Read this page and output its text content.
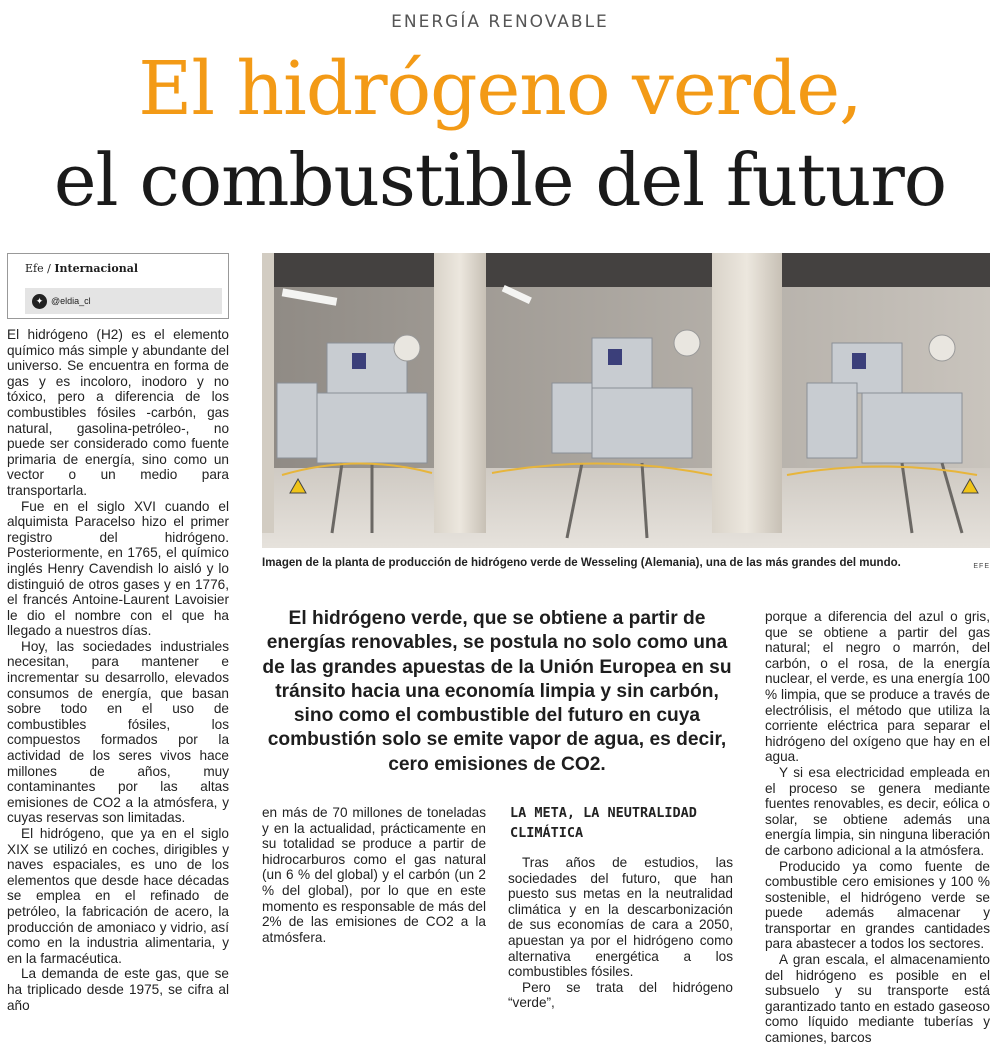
ENERGÍA RENOVABLE
El hidrógeno verde,
el combustible del futuro
Efe / Internacional
✦ @eldia_cl

El hidrógeno (H2) es el elemento químico más simple y abundante del universo. Se encuentra en forma de gas y es incoloro, inodoro y no tóxico, pero a diferencia de los combustibles fósiles -carbón, gas natural, gasolina-petróleo-, no puede ser considerado como fuente primaria de energía, sino como un vector o un medio para transportarla.

Fue en el siglo XVI cuando el alquimista Paracelso hizo el primer registro del hidrógeno. Posteriormente, en 1765, el químico inglés Henry Cavendish lo aisló y lo distinguió de otros gases y en 1776, el francés Antoine-Laurent Lavoisier le dio el nombre con el que ha llegado a nuestros días.

Hoy, las sociedades industriales necesitan, para mantener e incrementar su desarrollo, elevados consumos de energía, que basan sobre todo en el uso de combustibles fósiles, los compuestos formados por la actividad de los seres vivos hace millones de años, muy contaminantes por las altas emisiones de CO2 a la atmósfera, y cuyas reservas son limitadas.

El hidrógeno, que ya en el siglo XIX se utilizó en coches, dirigibles y naves espaciales, es uno de los elementos que desde hace décadas se emplea en el refinado de petróleo, la fabricación de acero, la producción de amoniaco y vidrio, así como en la industria alimentaria, y en la farmacéutica.

La demanda de este gas, que se ha triplicado desde 1975, se cifra al año

Imagen de la planta de producción de hidrógeno verde de Wesseling (Alemania), una de las más grandes del mundo.	EFE
El hidrógeno verde, que se obtiene a partir de energías renovables, se postula no solo como una de las grandes apuestas de la Unión Europea en su tránsito hacia una economía limpia y sin carbón, sino como el combustible del futuro en cuya combustión solo se emite vapor de agua, es decir, cero emisiones de CO2.

en más de 70 millones de toneladas y en la actualidad, prácticamente en su totalidad se produce a partir de hidrocarburos como el gas natural (un 6 % del global) y el carbón (un 2 % del global), por lo que en este momento es responsable de más del 2% de las emisiones de CO2 a la atmósfera.

LA META, LA NEUTRALIDAD CLIMÁTICA

Tras años de estudios, las sociedades del futuro, que han puesto sus metas en la neutralidad climática y en la descarbonización de sus economías de cara a 2050, apuestan ya por el hidrógeno como alternativa energética a los combustibles fósiles.

Pero se trata del hidrógeno “verde”,

porque a diferencia del azul o gris, que se obtiene a partir del gas natural; el negro o marrón, del carbón, o el rosa, de la energía nuclear, el verde, es una energía 100 % limpia, que se produce a través de electrólisis, el método que utiliza la corriente eléctrica para separar el hidrógeno del oxígeno que hay en el agua.

Y si esa electricidad empleada en el proceso se genera mediante fuentes renovables, es decir, eólica o solar, se obtiene además una energía limpia, sin ninguna liberación de carbono adicional a la atmósfera.

Producido ya como fuente de combustible cero emisiones y 100 % sostenible, el hidrógeno verde se puede además almacenar y transportar en grandes cantidades para abastecer a todos los sectores.

A gran escala, el almacenamiento del hidrógeno es posible en el subsuelo y su transporte está garantizado tanto en estado gaseoso como líquido mediante tuberías y camiones, barcos
